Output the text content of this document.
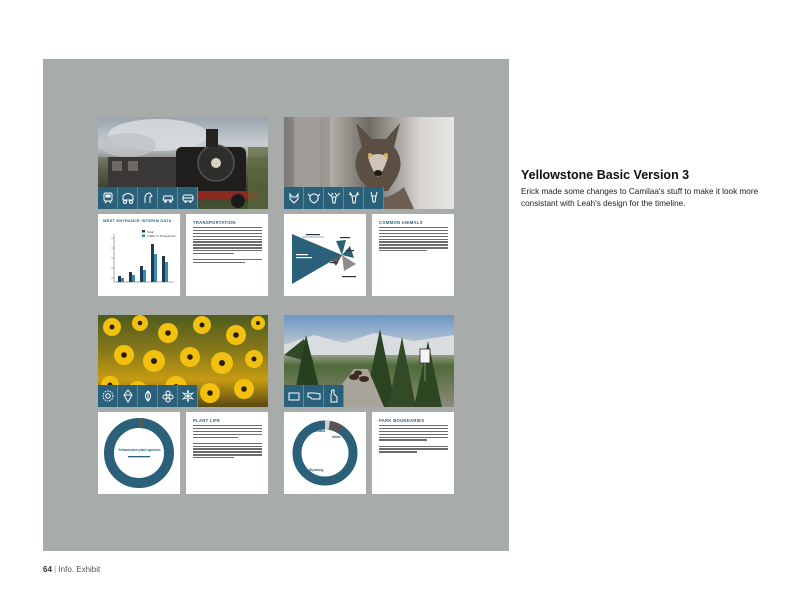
WEST ENTRANCE INTERIM DATA
Total
Traffic In Through the
TRANSPORTATION	COMMON ANIMALS
Yellowstone plant species:
PLANT LIFE
Montana
Idaho
Wyoming
PARK BOUNDARIES
Yellowstone Basic Version 3
Erick made some changes to Camilaa's stuff to make it look more consistant with Leah's design for the timeline.
64 | Info. Exhibit
